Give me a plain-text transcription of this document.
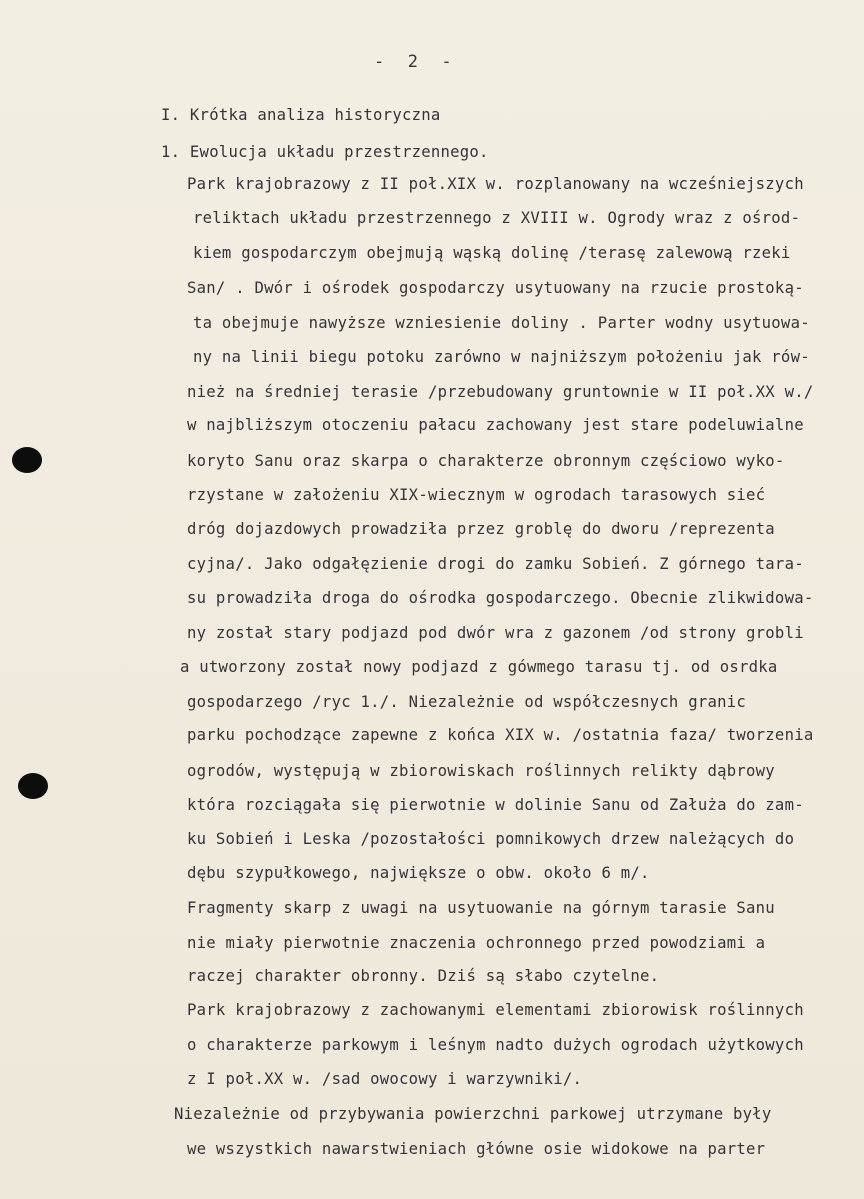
-  2  -
I. Krótka analiza historyczna
1. Ewolucja układu przestrzennego.
Park krajobrazowy z II poł.XIX w. rozplanowany na wcześniejszych
reliktach układu przestrzennego z XVIII w. Ogrody wraz z ośrod-
kiem gospodarczym obejmują wąską dolinę /terasę zalewową rzeki
San/ . Dwór i ośrodek gospodarczy usytuowany na rzucie prostoką-
ta obejmuje nawyższe wzniesienie doliny . Parter wodny usytuowa-
ny na linii biegu potoku zarówno w najniższym położeniu jak rów-
nież na średniej terasie /przebudowany gruntownie w II poł.XX w./
w najbliższym otoczeniu pałacu zachowany jest stare podeluwialne
koryto Sanu oraz skarpa o charakterze obronnym częściowo wyko-
rzystane w założeniu XIX-wiecznym w ogrodach tarasowych sieć
dróg dojazdowych prowadziła przez groblę do dworu /reprezenta
cyjna/. Jako odgałęzienie drogi do zamku Sobień. Z górnego tara-
su prowadziła droga do ośrodka gospodarczego. Obecnie zlikwidowa-
ny został stary podjazd pod dwór wra z gazonem /od strony grobli
a utworzony został nowy podjazd z gówmego tarasu tj. od osrdka
gospodarzego /ryc 1./. Niezależnie od współczesnych granic
parku pochodzące zapewne z końca XIX w. /ostatnia faza/ tworzenia
ogrodów, występują w zbiorowiskach roślinnych relikty dąbrowy
która rozciągała się pierwotnie w dolinie Sanu od Załuża do zam-
ku Sobień i Leska /pozostałości pomnikowych drzew należących do
dębu szypułkowego, największe o obw. około 6 m/.
Fragmenty skarp z uwagi na usytuowanie na górnym tarasie Sanu
nie miały pierwotnie znaczenia ochronnego przed powodziami a
raczej charakter obronny. Dziś są słabo czytelne.
Park krajobrazowy z zachowanymi elementami zbiorowisk roślinnych
o charakterze parkowym i leśnym nadto dużych ogrodach użytkowych
z I poł.XX w. /sad owocowy i warzywniki/.
Niezależnie od przybywania powierzchni parkowej utrzymane były
we wszystkich nawarstwieniach główne osie widokowe na parter
